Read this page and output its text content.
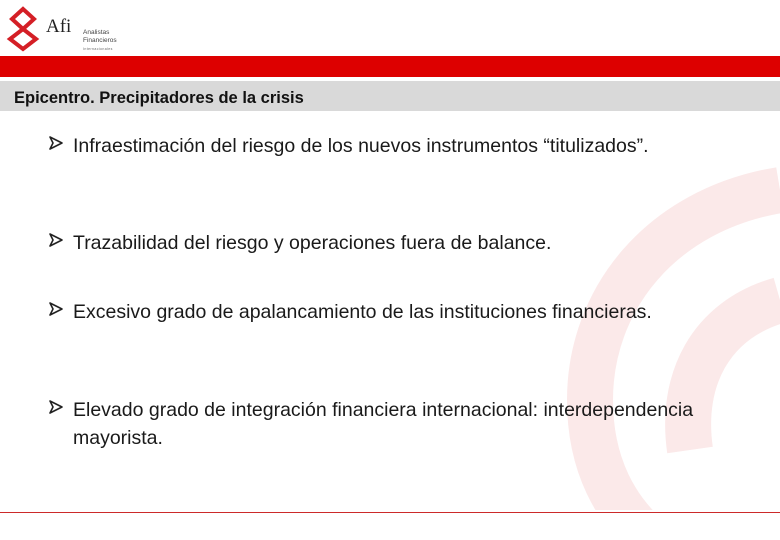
Afi Analistas
Financieros
Internacionales
Epicentro. Precipitadores de la crisis
Infraestimación del riesgo de los nuevos instrumentos “titulizados”.
Trazabilidad del riesgo y operaciones fuera de balance.
Excesivo grado de apalancamiento de las instituciones financieras.
Elevado grado de integración financiera internacional: interdependencia mayorista.
